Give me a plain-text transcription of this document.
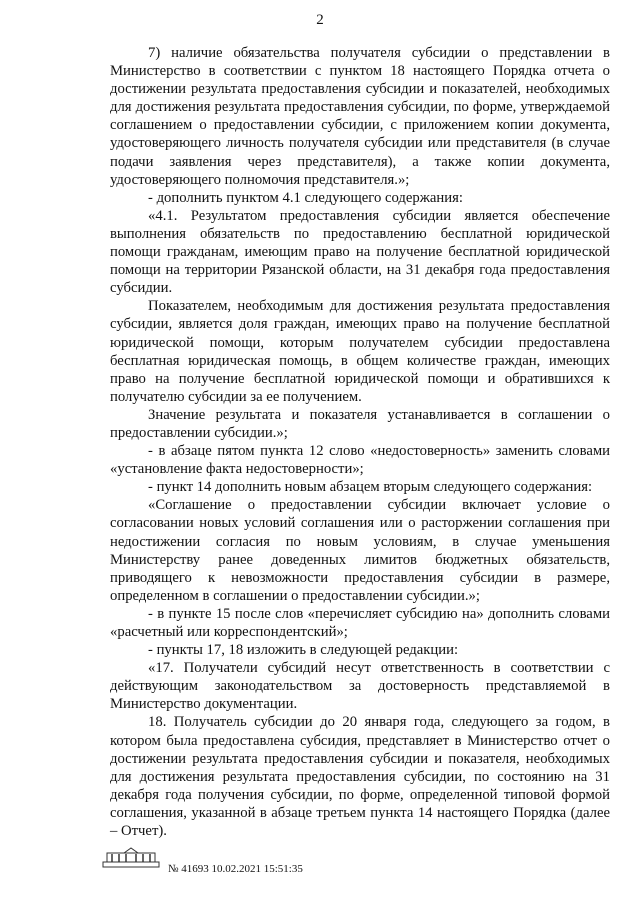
2

7) наличие обязательства получателя субсидии о представлении в Министерство в соответствии с пунктом 18 настоящего Порядка отчета о достижении результата предоставления субсидии и показателей, необходимых для достижения результата предоставления субсидии, по форме, утверждаемой соглашением о предоставлении субсидии, с приложением копии документа, удостоверяющего личность получателя субсидии или представителя (в случае подачи заявления через представителя), а также копии документа, удостоверяющего полномочия представителя.»;

- дополнить пунктом 4.1 следующего содержания:

«4.1. Результатом предоставления субсидии является обеспечение выполнения обязательств по предоставлению бесплатной юридической помощи гражданам, имеющим право на получение бесплатной юридической помощи на территории Рязанской области, на 31 декабря года предоставления субсидии.

Показателем, необходимым для достижения результата предоставления субсидии, является доля граждан, имеющих право на получение бесплатной юридической помощи, которым получателем субсидии предоставлена бесплатная юридическая помощь, в общем количестве граждан, имеющих право на получение бесплатной юридической помощи и обратившихся к получателю субсидии за ее получением.

Значение результата и показателя устанавливается в соглашении о предоставлении субсидии.»;

- в абзаце пятом пункта 12 слово «недостоверность» заменить словами «установление факта недостоверности»;

- пункт 14 дополнить новым абзацем вторым следующего содержания:

«Соглашение о предоставлении субсидии включает условие о согласовании новых условий соглашения или о расторжении соглашения при недостижении согласия по новым условиям, в случае уменьшения Министерству ранее доведенных лимитов бюджетных обязательств, приводящего к невозможности предоставления субсидии в размере, определенном в соглашении о предоставлении субсидии.»;

- в пункте 15 после слов «перечисляет субсидию на» дополнить словами «расчетный или корреспондентский»;

- пункты 17, 18 изложить в следующей редакции:

«17. Получатели субсидий несут ответственность в соответствии с действующим законодательством за достоверность представляемой в Министерство документации.

18. Получатель субсидии до 20 января года, следующего за годом, в котором была предоставлена субсидия, представляет в Министерство отчет о достижении результата предоставления субсидии и показателя, необходимых для достижения результата предоставления субсидии, по состоянию на 31 декабря года получения субсидии, по форме, определенной типовой формой соглашения, указанной в абзаце третьем пункта 14 настоящего Порядка (далее – Отчет).

№ 41693 10.02.2021 15:51:35
